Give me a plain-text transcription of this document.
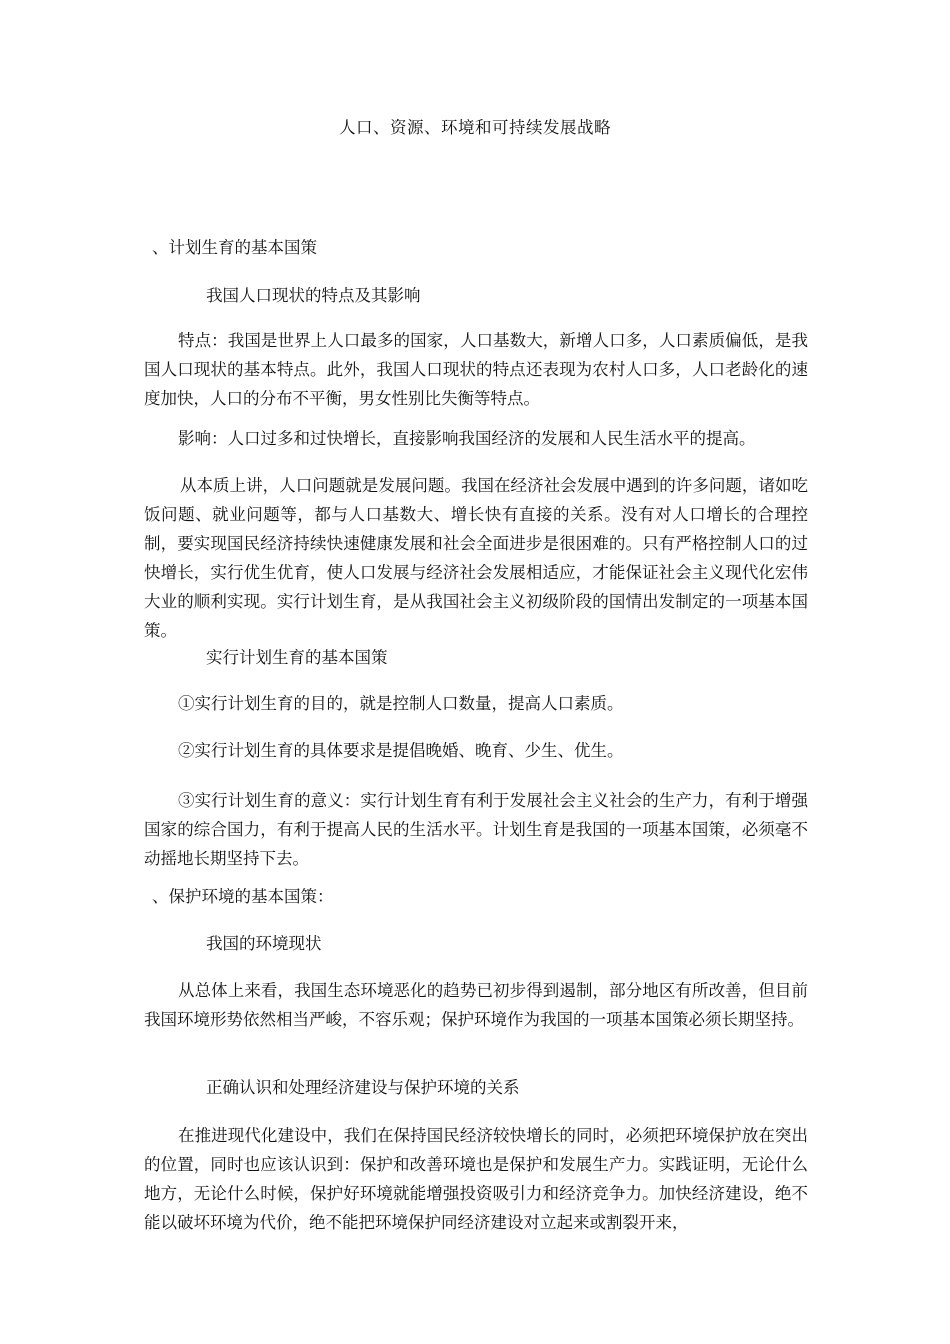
人口、资源、环境和可持续发展战略
、计划生育的基本国策
我国人口现状的特点及其影响

特点：我国是世界上人口最多的国家，人口基数大，新增人口多，人口素质偏低，是我国人口现状的基本特点。此外，我国人口现状的特点还表现为农村人口多，人口老龄化的速度加快，人口的分布不平衡，男女性别比失衡等特点。

影响：人口过多和过快增长，直接影响我国经济的发展和人民生活水平的提高。

从本质上讲，人口问题就是发展问题。我国在经济社会发展中遇到的许多问题，诸如吃饭问题、就业问题等，都与人口基数大、增长快有直接的关系。没有对人口增长的合理控制，要实现国民经济持续快速健康发展和社会全面进步是很困难的。只有严格控制人口的过快增长，实行优生优育，使人口发展与经济社会发展相适应，才能保证社会主义现代化宏伟大业的顺利实现。实行计划生育，是从我国社会主义初级阶段的国情出发制定的一项基本国策。

实行计划生育的基本国策
①实行计划生育的目的，就是控制人口数量，提高人口素质。
②实行计划生育的具体要求是提倡晚婚、晚育、少生、优生。

③实行计划生育的意义：实行计划生育有利于发展社会主义社会的生产力，有利于增强国家的综合国力，有利于提高人民的生活水平。计划生育是我国的一项基本国策，必须毫不动摇地长期坚持下去。

、保护环境的基本国策：
我国的环境现状

从总体上来看，我国生态环境恶化的趋势已初步得到遏制，部分地区有所改善，但目前我国环境形势依然相当严峻，不容乐观；保护环境作为我国的一项基本国策必须长期坚持。

正确认识和处理经济建设与保护环境的关系

在推进现代化建设中，我们在保持国民经济较快增长的同时，必须把环境保护放在突出的位置，同时也应该认识到：保护和改善环境也是保护和发展生产力。实践证明，无论什么地方，无论什么时候，保护好环境就能增强投资吸引力和经济竞争力。加快经济建设，绝不能以破坏环境为代价，绝不能把环境保护同经济建设对立起来或割裂开来，
